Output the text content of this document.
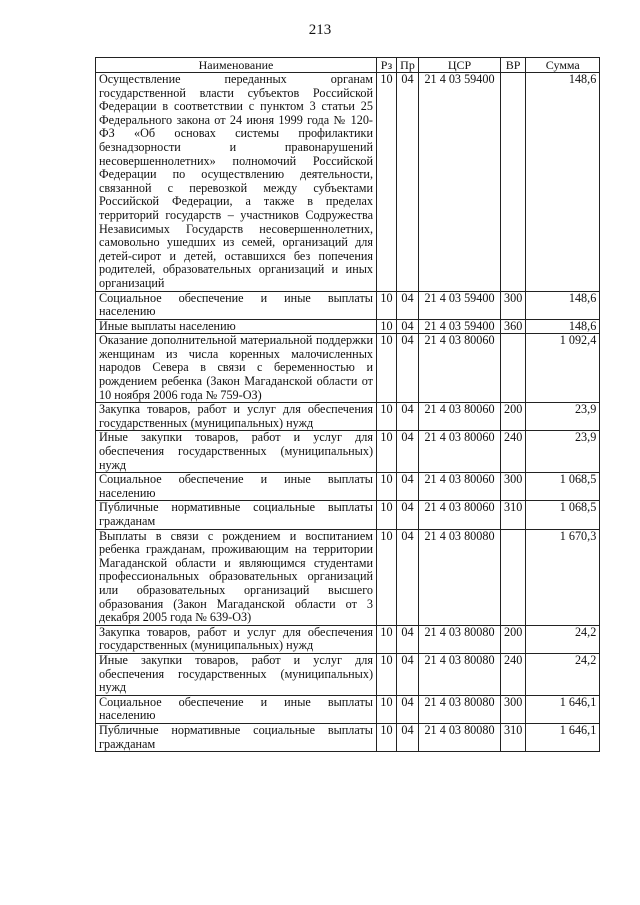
213
Наименование	Рз	Пр	ЦСР	ВР	Сумма
Осуществление переданных органам государственной власти субъектов Российской Федерации в соответствии с пунктом 3 статьи 25 Федерального закона от 24 июня 1999 года № 120-ФЗ «Об основах системы профилактики безнадзорности и правонарушений несовершеннолетних» полномочий Российской Федерации по осуществлению деятельности, связанной с перевозкой между субъектами Российской Федерации, а также в пределах территорий государств – участников Содружества Независимых Государств несовершеннолетних, самовольно ушедших из семей, организаций для детей-сирот и детей, оставшихся без попечения родителей, образовательных организаций и иных организаций	10	04	21 4 03 59400		148,6
Социальное обеспечение и иные выплаты населению	10	04	21 4 03 59400	300	148,6
Иные выплаты населению	10	04	21 4 03 59400	360	148,6
Оказание дополнительной материальной поддержки женщинам из числа коренных малочисленных народов Севера в связи с беременностью и рождением ребенка (Закон Магаданской области от 10 ноября 2006 года № 759-ОЗ)	10	04	21 4 03 80060		1 092,4
Закупка товаров, работ и услуг для обеспечения государственных (муниципальных) нужд	10	04	21 4 03 80060	200	23,9
Иные закупки товаров, работ и услуг для обеспечения государственных (муниципальных) нужд	10	04	21 4 03 80060	240	23,9
Социальное обеспечение и иные выплаты населению	10	04	21 4 03 80060	300	1 068,5
Публичные нормативные социальные выплаты гражданам	10	04	21 4 03 80060	310	1 068,5
Выплаты в связи с рождением и воспитанием ребенка гражданам, проживающим на территории Магаданской области и являющимся студентами профессиональных образовательных организаций или образовательных организаций высшего образования (Закон Магаданской области от 3 декабря 2005 года № 639-ОЗ)	10	04	21 4 03 80080		1 670,3
Закупка товаров, работ и услуг для обеспечения государственных (муниципальных) нужд	10	04	21 4 03 80080	200	24,2
Иные закупки товаров, работ и услуг для обеспечения государственных (муниципальных) нужд	10	04	21 4 03 80080	240	24,2
Социальное обеспечение и иные выплаты населению	10	04	21 4 03 80080	300	1 646,1
Публичные нормативные социальные выплаты гражданам	10	04	21 4 03 80080	310	1 646,1
